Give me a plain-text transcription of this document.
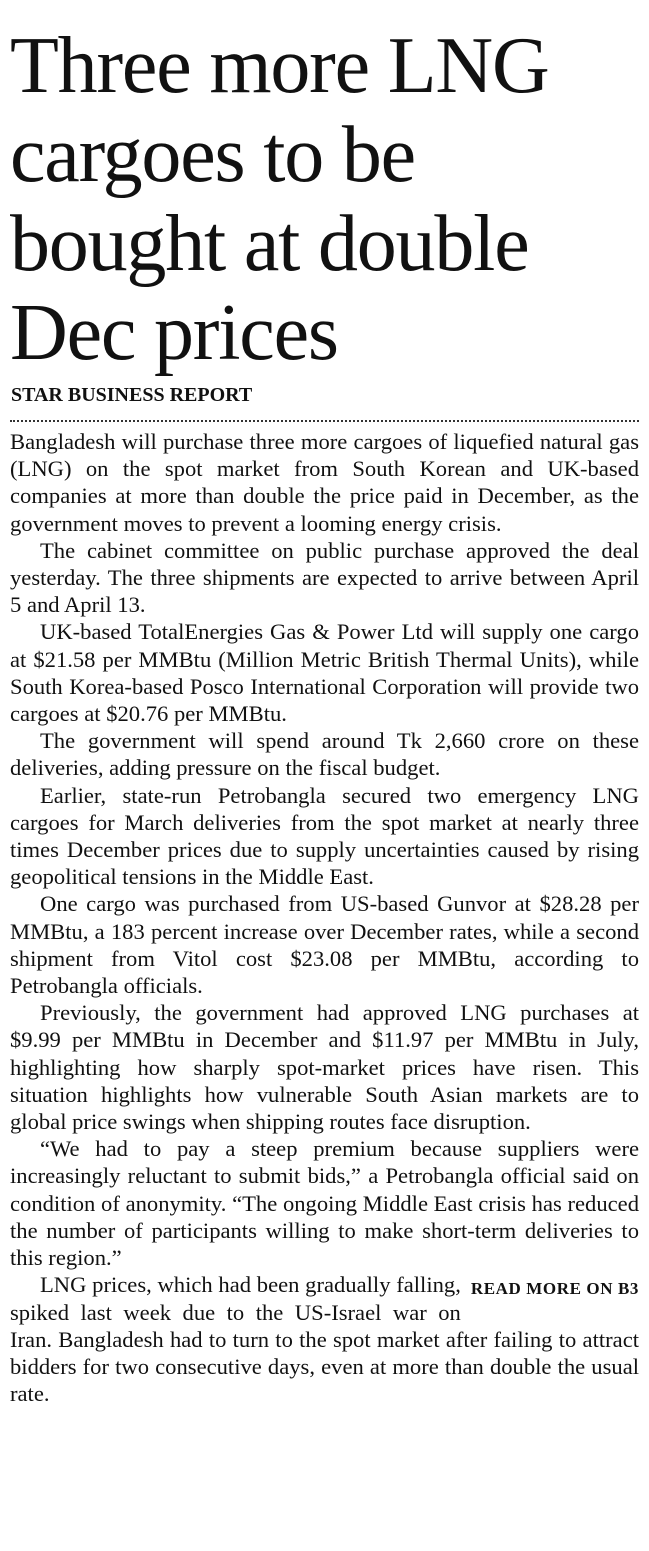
Three more LNG cargoes to be bought at double Dec prices
STAR BUSINESS REPORT

Bangladesh will purchase three more cargoes of liquefied natural gas (LNG) on the spot market from South Korean and UK-based companies at more than double the price paid in December, as the government moves to prevent a looming energy crisis.

The cabinet committee on public purchase approved the deal yesterday. The three shipments are expected to arrive between April 5 and April 13.

UK-based TotalEnergies Gas & Power Ltd will supply one cargo at $21.58 per MMBtu (Million Metric British Thermal Units), while South Korea-based Posco International Corporation will provide two cargoes at $20.76 per MMBtu.

The government will spend around Tk 2,660 crore on these deliveries, adding pressure on the fiscal budget.

Earlier, state-run Petrobangla secured two emergency LNG cargoes for March deliveries from the spot market at nearly three times December prices due to supply uncertainties caused by rising geopolitical tensions in the Middle East.

One cargo was purchased from US-based Gunvor at $28.28 per MMBtu, a 183 percent increase over December rates, while a second shipment from Vitol cost $23.08 per MMBtu, according to Petrobangla officials.

Previously, the government had approved LNG purchases at $9.99 per MMBtu in December and $11.97 per MMBtu in July, highlighting how sharply spot-market prices have risen. This situation highlights how vulnerable South Asian markets are to global price swings when shipping routes face disruption.

“We had to pay a steep premium because suppliers were increasingly reluctant to submit bids,” a Petrobangla official said on condition of anonymity. “The ongoing Middle East crisis has reduced the number of participants willing to make short-term deliveries to this region.”

READ MORE ON B3
LNG prices, which had been gradually falling, spiked last week due to the US-Israel war on Iran. Bangladesh had to turn to the spot market after failing to attract bidders for two consecutive days, even at more than double the usual rate.
